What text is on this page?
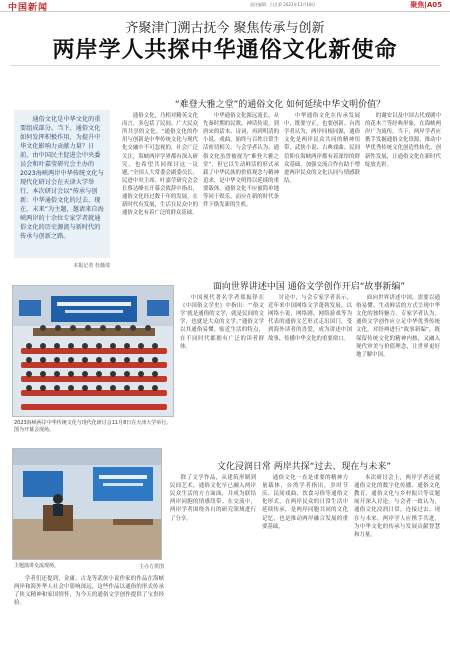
中国新闻	责任编辑：白艺莉 2023年11月18日	聚焦|A05
齐聚津门溯古抚今 聚焦传承与创新
两岸学人共探中华通俗文化新使命

通俗文化是中华文化的重要组成部分。当下，通俗文化如何发挥积极作用，为提升中华文化影响力贡献力量？日前，由中国民主促进会中央委员会和叶嘉莹研究会主办的2023海峡两岸中华传统文化与现代化研讨会在天津大学举行，本次研讨会以“传承与创新：中华通俗文化的过去、现在、未来”为主题，邀请来自海峡两岸的十余位专家学者就通俗文化的历史源流与新时代的传承与创新之路。

本报记者 杜薇琦
“难登大雅之堂”的通俗文化 如何延续中华文明价值？

通俗文化，乃相对精英文化而言，多包括了民间、广大民众所共享的文化。“通俗文化的作用与创新是中华传统文化与现代化交融中不可忽视的，社会广泛关注，海峡两岸学界都有深入研究，也希望共同探讨这一议题。”全国人大常委会副委员长、民进中央主席、叶嘉莹研究会会长蔡达峰在开幕会致辞中指出，通俗文化经过数千年的发展，在新时代有发展，生活在民众中的通俗文化有着广泛的群众基础。

中华通俗文化源远流长，从先秦时期的民歌、神话传说，到唐宋的话本、诗词，再到明清的小说、戏曲，始终与百姓日常生活密切相关。与会学者认为，通俗文化虽曾被视为“难登大雅之堂”，但它以生动鲜活的形式承载了中华民族的价值观念与精神追求，是中华文明得以延续的重要载体。通俗文化不应被简单地等同于娱乐，而应在新的时代条件下焕发新的生机。

中华通俗文化在传承发展中，既要守正，也要创新。台湾学者认为，两岸同根同源，通俗文化是两岸民众共同的精神纽带，武侠小说、古典戏曲、民间信仰在海峡两岸都有着深厚的群众基础，加强交流合作有助于增进两岸民众的文化认同与情感联结。

的谢安以及中国古代戏剧中的花木兰等经典形象，在海峡两岸广为流传。当下，两岸学者应携手发掘通俗文化资源，推动中华优秀传统文化创造性转化、创新性发展，让通俗文化在新时代绽放光彩。

2023海峡两岸中华传统文化与现代化研讨会11月8日在天津大学举行。图为开幕会现场。
面向世界讲述中国 通俗文学创作开启“故事新编”

中国现代著名学者郑振铎在《中国俗文学史》中指出：“‘俗文学’就是通俗的文学，就是民间的文学，也就是大众的文学。”通俗文学以其通俗易懂、贴近生活的特点，在不同时代都拥有广泛的读者群体。

讨论中，与会专家学者表示，近年来中国网络文学蓬勃发展，以网络小说、网络剧、网络游戏等为代表的通俗文艺形式走出国门，受到海外读者的喜爱，成为讲述中国故事、传播中华文化的重要窗口。

面向世界讲述中国，需要以通俗易懂、生动鲜活的方式呈现中华文化的独特魅力。专家学者认为，通俗文学创作应立足中华优秀传统文化，对经典进行“故事新编”，既保留传统文化的精神内核，又融入现代审美与价值理念，让世界更好地了解中国。

文化浸润日常 两岸共探“过去、现在与未来”
主题演讲交流现场。	主办方供图

除了文学作品，从建筑形制到民间艺术，通俗文化早已融入两岸民众生活的方方面面，并成为联结两岸同胞的情感纽带。在交流中，两岸学者围绕各自的研究领域进行了分享。

通俗文化一直是重要的精神力量载体，台湾学者指出，岁时节庆、民间戏曲、饮食习俗等通俗文化形式，在两岸民众的日常生活中延续传承，是两岸同胞共同的文化记忆，也是推动两岸融合发展的重要基础。

本次研讨会上，两岸学者还就通俗文化的数字化传播、通俗文化教育、通俗文化与乡村振兴等议题展开深入讨论。与会者一致认为，通俗文化浸润日常，连接过去、现在与未来，两岸学人应携手共进，为中华文化的传承与发展贡献智慧和力量。

学者们还提到，金庸、古龙等武侠小说作家的作品在海峡两岸和海外华人社会中影响深远，这些作品以通俗的形式传承了侠义精神和家国情怀，为今天的通俗文学创作提供了宝贵经验。
